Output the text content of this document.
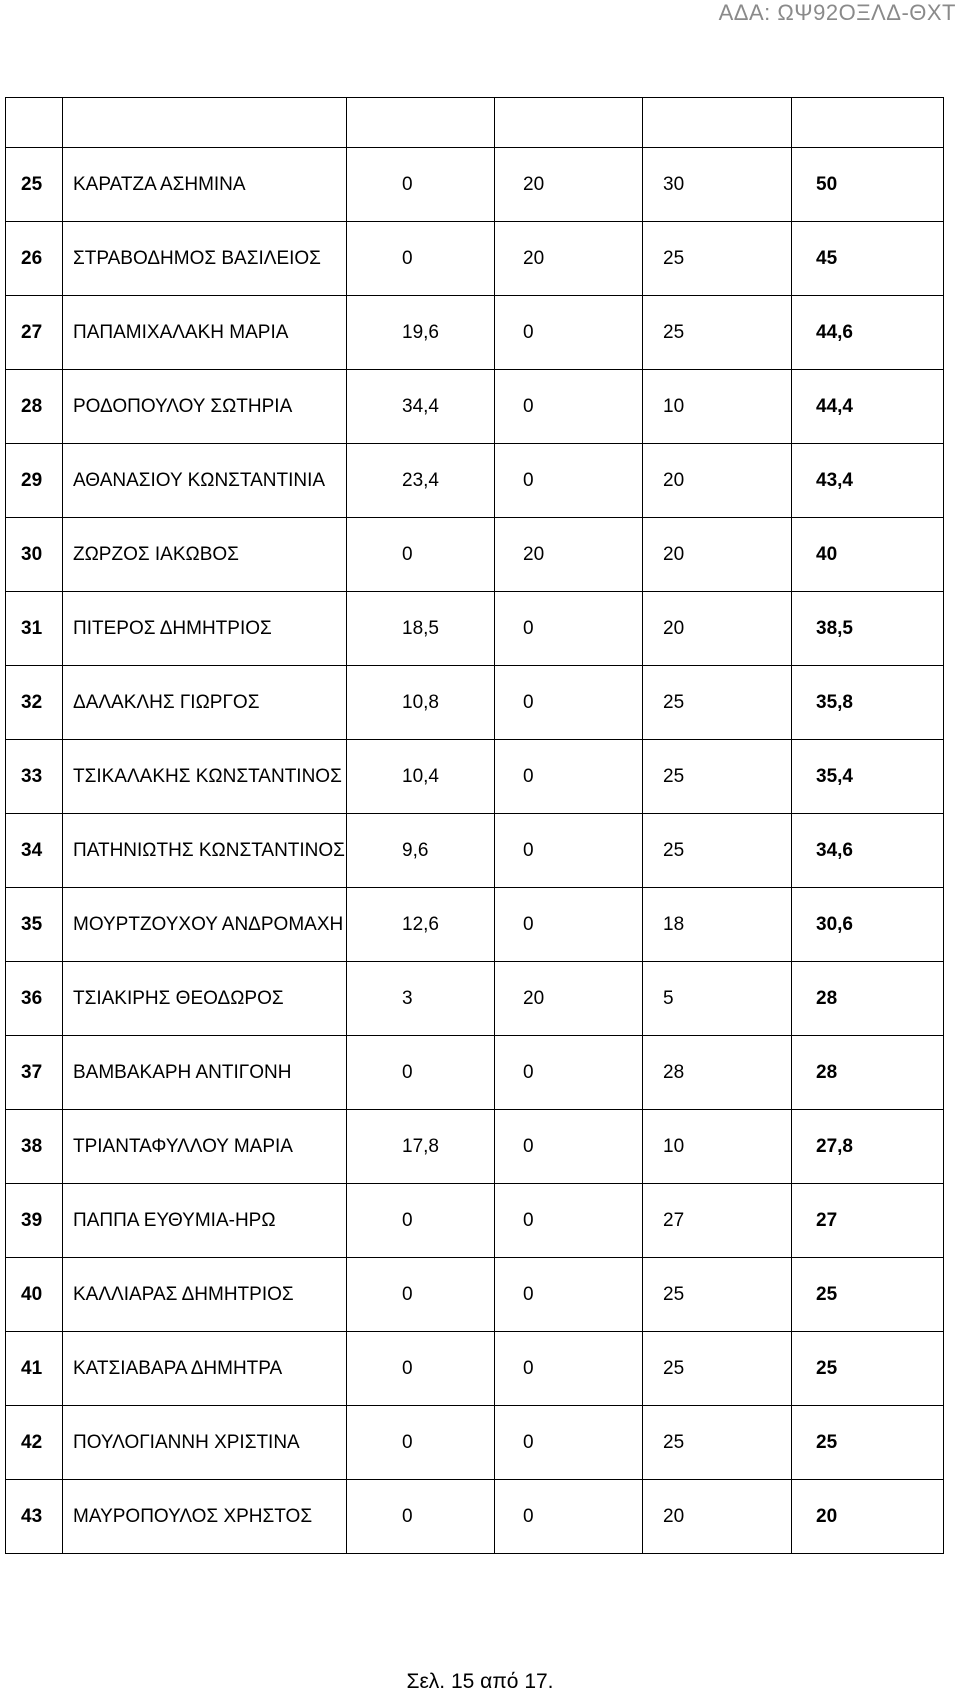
ΑΔΑ: ΩΨ92ΟΞΛΔ-ΘΧΤ

25	ΚΑΡΑΤΖΑ ΑΣΗΜΙΝΑ	0	20	30	50
26	ΣΤΡΑΒΟΔΗΜΟΣ ΒΑΣΙΛΕΙΟΣ	0	20	25	45
27	ΠΑΠΑΜΙΧΑΛΑΚΗ ΜΑΡΙΑ	19,6	0	25	44,6
28	ΡΟΔΟΠΟΥΛΟΥ ΣΩΤΗΡΙΑ	34,4	0	10	44,4
29	ΑΘΑΝΑΣΙΟΥ ΚΩΝΣΤΑΝΤΙΝΙΑ	23,4	0	20	43,4
30	ΖΩΡΖΟΣ ΙΑΚΩΒΟΣ	0	20	20	40
31	ΠΙΤΕΡΟΣ ΔΗΜΗΤΡΙΟΣ	18,5	0	20	38,5
32	ΔΑΛΑΚΛΗΣ ΓΙΩΡΓΟΣ	10,8	0	25	35,8
33	ΤΣΙΚΑΛΑΚΗΣ ΚΩΝΣΤΑΝΤΙΝΟΣ	10,4	0	25	35,4
34	ΠΑΤΗΝΙΩΤΗΣ ΚΩΝΣΤΑΝΤΙΝΟΣ	9,6	0	25	34,6
35	ΜΟΥΡΤΖΟΥΧΟΥ ΑΝΔΡΟΜΑΧΗ	12,6	0	18	30,6
36	ΤΣΙΑΚΙΡΗΣ ΘΕΟΔΩΡΟΣ	3	20	5	28
37	ΒΑΜΒΑΚΑΡΗ ΑΝΤΙΓΟΝΗ	0	0	28	28
38	ΤΡΙΑΝΤΑΦΥΛΛΟΥ ΜΑΡΙΑ	17,8	0	10	27,8
39	ΠΑΠΠΑ ΕΥΘΥΜΙΑ-ΗΡΩ	0	0	27	27
40	ΚΑΛΛΙΑΡΑΣ ΔΗΜΗΤΡΙΟΣ	0	0	25	25
41	ΚΑΤΣΙΑΒΑΡΑ ΔΗΜΗΤΡΑ	0	0	25	25
42	ΠΟΥΛΟΓΙΑΝΝΗ ΧΡΙΣΤΙΝΑ	0	0	25	25
43	ΜΑΥΡΟΠΟΥΛΟΣ ΧΡΗΣΤΟΣ	0	0	20	20
Σελ. 15 από 17.
